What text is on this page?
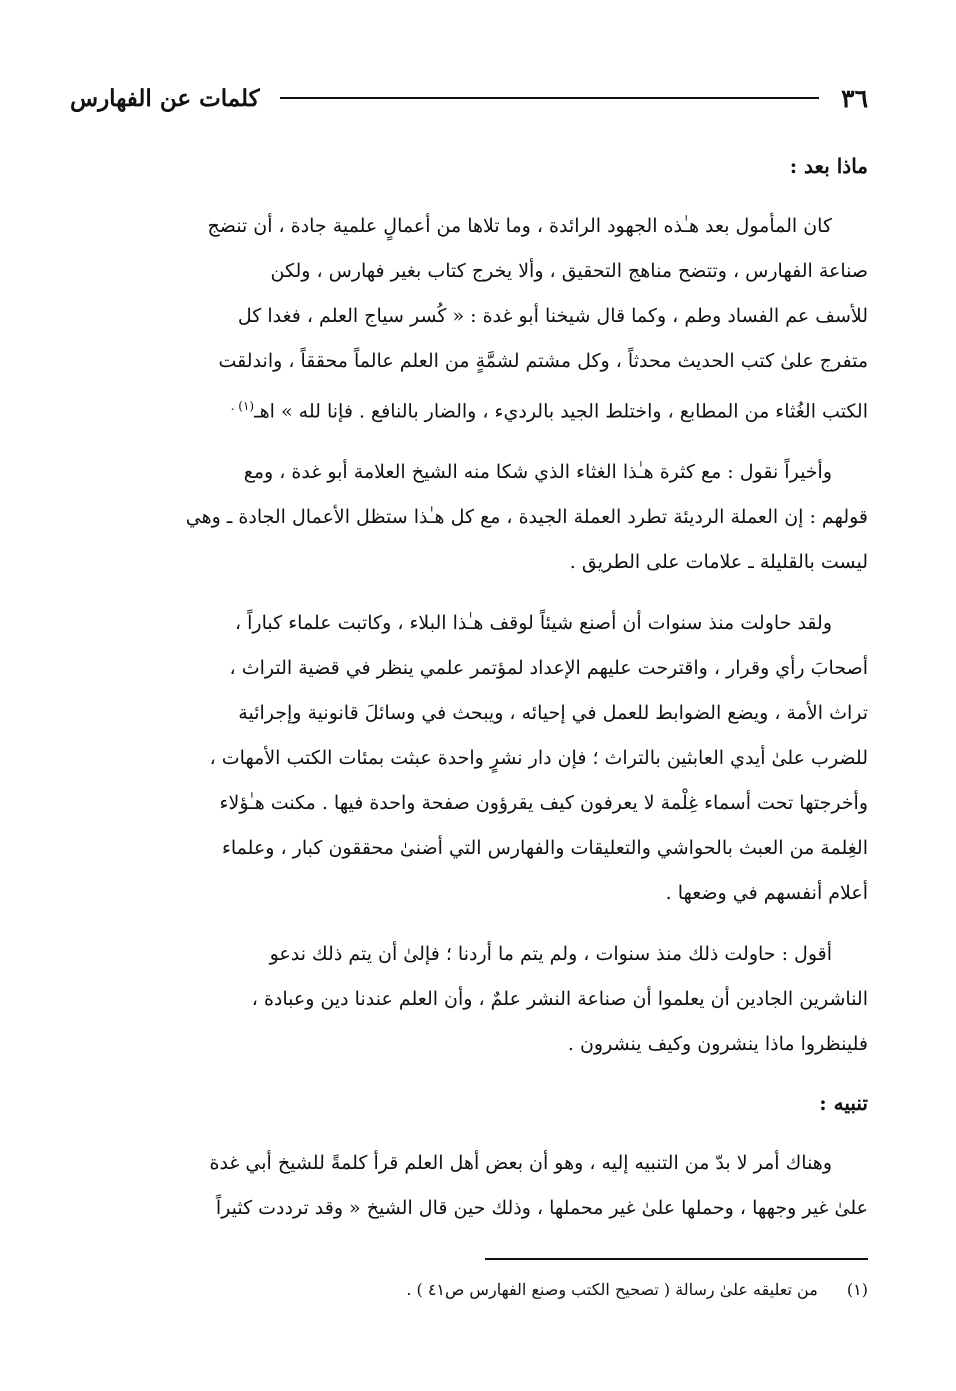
٣٦
كلمات عن الفهارس
ماذا بعد :
كان المأمول بعد هـٰذه الجهود الرائدة ، وما تلاها من أعمالٍ علمية جادة ، أن تنضج
صناعة الفهارس ، وتتضح مناهج التحقيق ، وألا يخرج كتاب بغير فهارس ، ولكن
للأسف عم الفساد وطم ، وكما قال شيخنا أبو غدة : « كُسر سياج العلم ، فغدا كل
متفرج علىٰ كتب الحديث محدثاً ، وكل مشتم لشمَّةٍ من العلم عالماً محققاً ، واندلقت
الكتب الغُثاء من المطابع ، واختلط الجيد بالرديء ، والضار بالنافع . فإنا لله » اهـ$^{(١) .}$
وأخيراً نقول : مع كثرة هـٰذا الغثاء الذي شكا منه الشيخ العلامة أبو غدة ، ومع
قولهم : إن العملة الرديئة تطرد العملة الجيدة ، مع كل هـٰذا ستظل الأعمال الجادة ـ وهي
ليست بالقليلة ـ علامات على الطريق .
ولقد حاولت منذ سنوات أن أصنع شيئاً لوقف هـٰذا البلاء ، وكاتبت علماء كباراً ،
أصحابَ رأي وقرار ، واقترحت عليهم الإعداد لمؤتمر علمي ينظر في قضية التراث ،
تراث الأمة ، ويضع الضوابط للعمل في إحيائه ، ويبحث في وسائلَ قانونية وإجرائية
للضرب علىٰ أيدي العابثين بالتراث ؛ فإن دار نشرٍ واحدة عبثت بمئات الكتب الأمهات ،
وأخرجتها تحت أسماء غِلْمة لا يعرفون كيف يقرؤون صفحة واحدة فيها . مكنت هـٰؤلاء
الغِلمة من العبث بالحواشي والتعليقات والفهارس التي أضنىٰ محققون كبار ، وعلماء
أعلام أنفسهم في وضعها .
أقول : حاولت ذلك منذ سنوات ، ولم يتم ما أردنا ؛ فإلىٰ أن يتم ذلك ندعو
الناشرين الجادين أن يعلموا أن صناعة النشر علمٌ ، وأن العلم عندنا دين وعبادة ،
فلينظروا ماذا ينشرون وكيف ينشرون .
تنبيه :
وهناك أمر لا بدّ من التنبيه إليه ، وهو أن بعض أهل العلم قرأ كلمةً للشيخ أبي غدة
علىٰ غير وجهها ، وحملها علىٰ غير محملها ، وذلك حين قال الشيخ « وقد ترددت كثيراً
(١) من تعليقه علىٰ رسالة ( تصحيح الكتب وصنع الفهارس ص٤١ ) .
